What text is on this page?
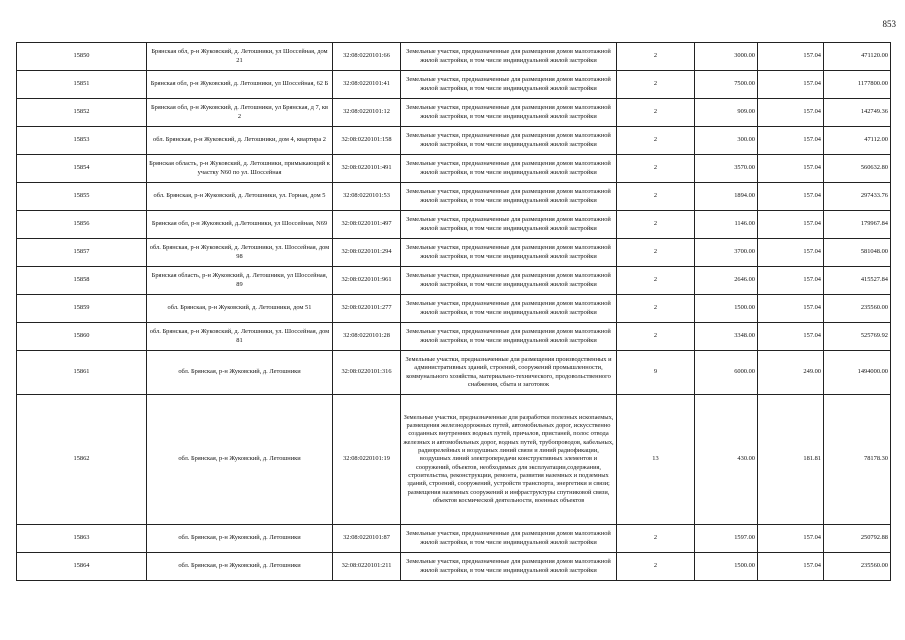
853
15850	Брянская обл, р-н Жуковский, д. Летошники, ул Шоссейная, дом 21	32:08:0220101:66	Земельные участки, предназначенные для размещения домов малоэтажной жилой застройки, в том числе индивидуальной жилой застройки	2	3000.00	157.04	471120.00
15851	Брянская обл, р-н Жуковский, д. Летошники, ул Шоссейная, 62 Б	32:08:0220101:41	Земельные участки, предназначенные для размещения домов малоэтажной жилой застройки, в том числе индивидуальной жилой застройки	2	7500.00	157.04	1177800.00
15852	Брянская обл, р-н Жуковский, д. Летошники, ул Брянская, д 7, кв 2	32:08:0220101:12	Земельные участки, предназначенные для размещения домов малоэтажной жилой застройки, в том числе индивидуальной жилой застройки	2	909.00	157.04	142749.36
15853	обл. Брянская, р-н Жуковский, д. Летошники, дом 4, квартира 2	32:08:0220101:158	Земельные участки, предназначенные для размещения домов малоэтажной жилой застройки, в том числе индивидуальной жилой застройки	2	300.00	157.04	47112.00
15854	Брянская область, р-н Жуковский, д. Летошники, примыкающий к участку N60 по ул. Шоссейная	32:08:0220101:491	Земельные участки, предназначенные для размещения домов малоэтажной жилой застройки, в том числе индивидуальной жилой застройки	2	3570.00	157.04	560632.80
15855	обл. Брянская, р-н Жуковский, д. Летошники, ул. Горная, дом 5	32:08:0220101:53	Земельные участки, предназначенные для размещения домов малоэтажной жилой застройки, в том числе индивидуальной жилой застройки	2	1894.00	157.04	297433.76
15856	Брянская обл, р-н Жуковский, д.Летошники, ул Шоссейная, N69	32:08:0220101:497	Земельные участки, предназначенные для размещения домов малоэтажной жилой застройки, в том числе индивидуальной жилой застройки	2	1146.00	157.04	179967.84
15857	обл. Брянская, р-н Жуковский, д. Летошники, ул. Шоссейная, дом 98	32:08:0220101:294	Земельные участки, предназначенные для размещения домов малоэтажной жилой застройки, в том числе индивидуальной жилой застройки	2	3700.00	157.04	581048.00
15858	Брянская область, р-н Жуковский, д. Летошники, ул Шоссейная, 89	32:08:0220101:961	Земельные участки, предназначенные для размещения домов малоэтажной жилой застройки, в том числе индивидуальной жилой застройки	2	2646.00	157.04	415527.84
15859	обл. Брянская, р-н Жуковский, д. Летошники, дом 51	32:08:0220101:277	Земельные участки, предназначенные для размещения домов малоэтажной жилой застройки, в том числе индивидуальной жилой застройки	2	1500.00	157.04	235560.00
15860	обл. Брянская, р-н Жуковский, д. Летошники, ул. Шоссейная, дом 81	32:08:0220101:28	Земельные участки, предназначенные для размещения домов малоэтажной жилой застройки, в том числе индивидуальной жилой застройки	2	3348.00	157.04	525769.92
15861	обл. Брянская, р-н Жуковский, д. Летошники	32:08:0220101:316	Земельные участки, предназначенные для размещения производственных и административных зданий, строений, сооружений промышленности, коммунального хозяйства, материально-технического, продовольственного снабжения, сбыта и заготовок	9	6000.00	249.00	1494000.00
15862	обл. Брянская, р-н Жуковский, д. Летошники	32:08:0220101:19	Земельные участки, предназначенные для разработки полезных ископаемых, размещения железнодорожных путей, автомобильных дорог, искусственно созданных внутренних водных путей, причалов, пристаней, полос отвода железных и автомобильных дорог, водных путей, трубопроводов, кабельных, радиорелейных и воздушных линий связи и линий радиофикации, воздушных линий электропередачи конструктивных элементов и сооружений, объектов, необходимых для эксплуатации,содержания, строительства, реконструкции, ремонта, развития наземных и подземных зданий, строений, сооружений, устройств транспорта, энергетики и связи; размещения наземных сооружений и инфраструктуры спутниковой связи, объектов космической деятельности, военных объектов	13	430.00	181.81	78178.30
15863	обл. Брянская, р-н Жуковский, д. Летошники	32:08:0220101:87	Земельные участки, предназначенные для размещения домов малоэтажной жилой застройки, в том числе индивидуальной жилой застройки	2	1597.00	157.04	250792.88
15864	обл. Брянская, р-н Жуковский, д. Летошники	32:08:0220101:211	Земельные участки, предназначенные для размещения домов малоэтажной жилой застройки, в том числе индивидуальной жилой застройки	2	1500.00	157.04	235560.00
